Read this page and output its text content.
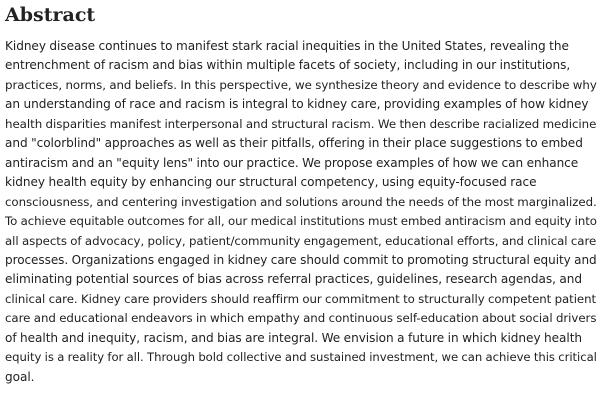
Abstract

Kidney disease continues to manifest stark racial inequities in the United States, revealing the
entrenchment of racism and bias within multiple facets of society, including in our institutions,
practices, norms, and beliefs. In this perspective, we synthesize theory and evidence to describe why
an understanding of race and racism is integral to kidney care, providing examples of how kidney
health disparities manifest interpersonal and structural racism. We then describe racialized medicine
and "colorblind" approaches as well as their pitfalls, offering in their place suggestions to embed
antiracism and an "equity lens" into our practice. We propose examples of how we can enhance
kidney health equity by enhancing our structural competency, using equity-focused race
consciousness, and centering investigation and solutions around the needs of the most marginalized.
To achieve equitable outcomes for all, our medical institutions must embed antiracism and equity into
all aspects of advocacy, policy, patient/community engagement, educational efforts, and clinical care
processes. Organizations engaged in kidney care should commit to promoting structural equity and
eliminating potential sources of bias across referral practices, guidelines, research agendas, and
clinical care. Kidney care providers should reaffirm our commitment to structurally competent patient
care and educational endeavors in which empathy and continuous self-education about social drivers
of health and inequity, racism, and bias are integral. We envision a future in which kidney health
equity is a reality for all. Through bold collective and sustained investment, we can achieve this critical
goal.
